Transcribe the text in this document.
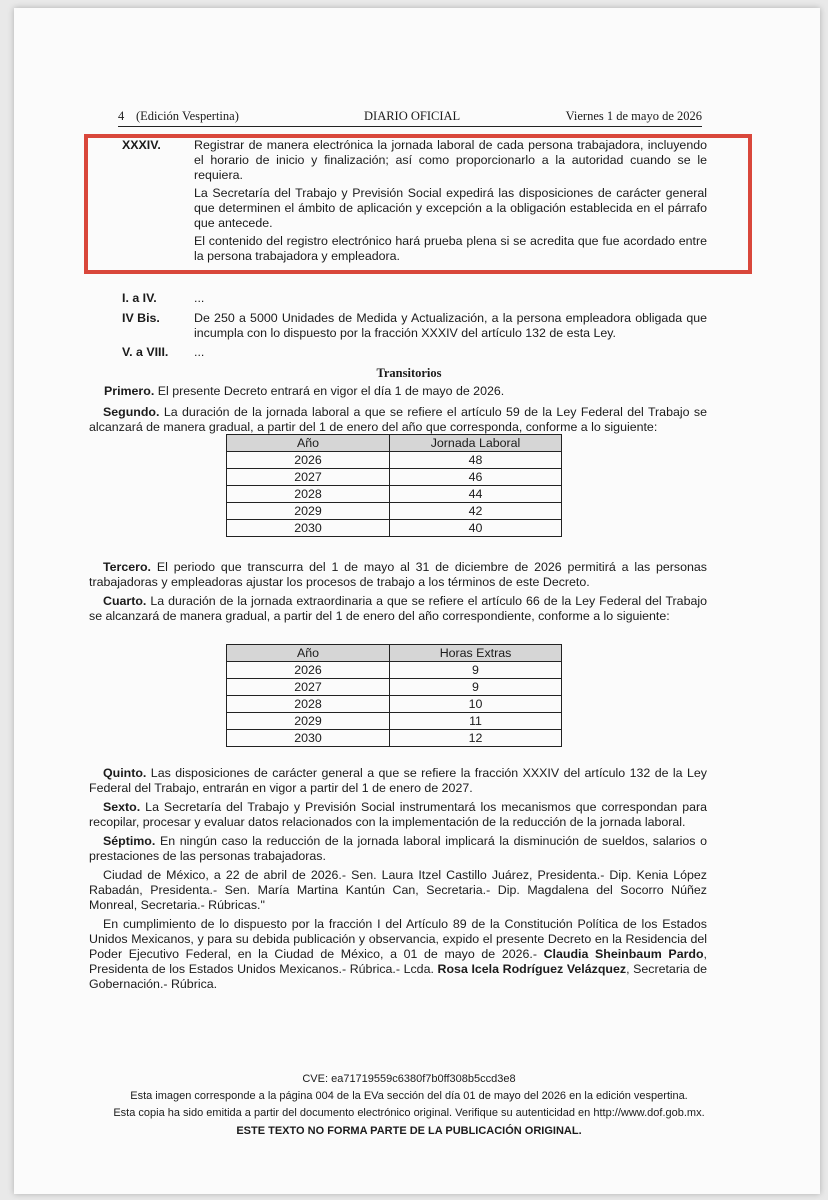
4 (Edición Vespertina)	DIARIO OFICIAL	Viernes 1 de mayo de 2026
XXXIV.	Registrar de manera electrónica la jornada laboral de cada persona trabajadora, incluyendo el horario de inicio y finalización; así como proporcionarlo a la autoridad cuando se le requiera.
La Secretaría del Trabajo y Previsión Social expedirá las disposiciones de carácter general que determinen el ámbito de aplicación y excepción a la obligación establecida en el párrafo que antecede.
El contenido del registro electrónico hará prueba plena si se acredita que fue acordado entre la persona trabajadora y empleadora.
I. a IV.	...
IV Bis.	De 250 a 5000 Unidades de Medida y Actualización, a la persona empleadora obligada que incumpla con lo dispuesto por la fracción XXXIV del artículo 132 de esta Ley.
V. a VIII. ...
Transitorios
Primero. El presente Decreto entrará en vigor el día 1 de mayo de 2026.
Segundo. La duración de la jornada laboral a que se refiere el artículo 59 de la Ley Federal del Trabajo se alcanzará de manera gradual, a partir del 1 de enero del año que corresponda, conforme a lo siguiente:
Año	Jornada Laboral
2026	48
2027	46
2028	44
2029	42
2030	40
Tercero. El periodo que transcurra del 1 de mayo al 31 de diciembre de 2026 permitirá a las personas trabajadoras y empleadoras ajustar los procesos de trabajo a los términos de este Decreto.
Cuarto. La duración de la jornada extraordinaria a que se refiere el artículo 66 de la Ley Federal del Trabajo se alcanzará de manera gradual, a partir del 1 de enero del año correspondiente, conforme a lo siguiente:
Año	Horas Extras
2026	9
2027	9
2028	10
2029	11
2030	12
Quinto. Las disposiciones de carácter general a que se refiere la fracción XXXIV del artículo 132 de la Ley Federal del Trabajo, entrarán en vigor a partir del 1 de enero de 2027.
Sexto. La Secretaría del Trabajo y Previsión Social instrumentará los mecanismos que correspondan para recopilar, procesar y evaluar datos relacionados con la implementación de la reducción de la jornada laboral.
Séptimo. En ningún caso la reducción de la jornada laboral implicará la disminución de sueldos, salarios o prestaciones de las personas trabajadoras.
Ciudad de México, a 22 de abril de 2026.- Sen. Laura Itzel Castillo Juárez, Presidenta.- Dip. Kenia López Rabadán, Presidenta.- Sen. María Martina Kantún Can, Secretaria.- Dip. Magdalena del Socorro Núñez Monreal, Secretaria.- Rúbricas."
En cumplimiento de lo dispuesto por la fracción I del Artículo 89 de la Constitución Política de los Estados Unidos Mexicanos, y para su debida publicación y observancia, expido el presente Decreto en la Residencia del Poder Ejecutivo Federal, en la Ciudad de México, a 01 de mayo de 2026.- Claudia Sheinbaum Pardo, Presidenta de los Estados Unidos Mexicanos.- Rúbrica.- Lcda. Rosa Icela Rodríguez Velázquez, Secretaria de Gobernación.- Rúbrica.
CVE: ea71719559c6380f7b0ff308b5ccd3e8
Esta imagen corresponde a la página 004 de la EVa sección del día 01 de mayo del 2026 en la edición vespertina.
Esta copia ha sido emitida a partir del documento electrónico original. Verifique su autenticidad en http://www.dof.gob.mx.
ESTE TEXTO NO FORMA PARTE DE LA PUBLICACIÓN ORIGINAL.
